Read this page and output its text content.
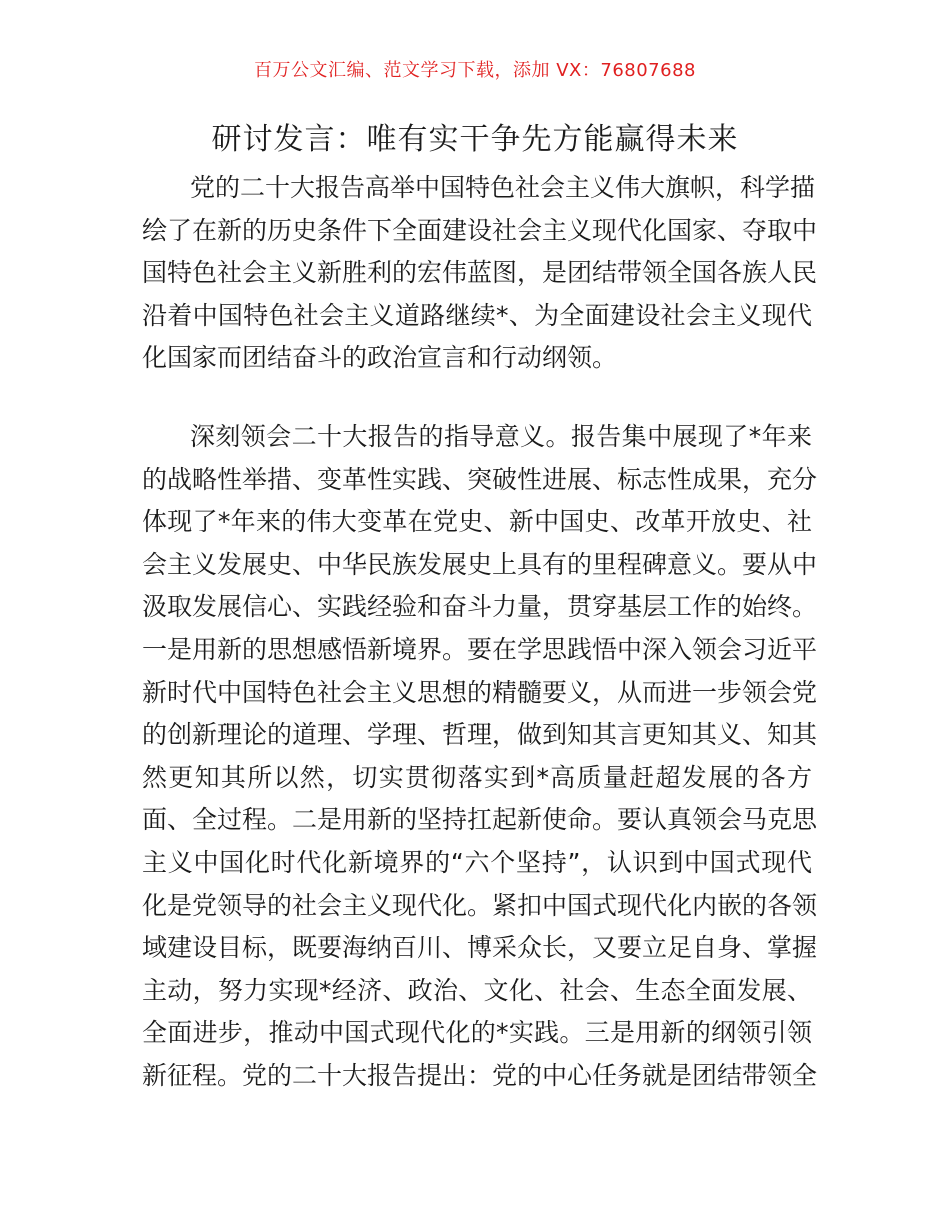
百万公文汇编、范文学习下载，添加 VX：76807688
研讨发言：唯有实干争先方能赢得未来
党的二十大报告高举中国特色社会主义伟大旗帜，科学描
绘了在新的历史条件下全面建设社会主义现代化国家、夺取中
国特色社会主义新胜利的宏伟蓝图，是团结带领全国各族人民
沿着中国特色社会主义道路继续*、为全面建设社会主义现代
化国家而团结奋斗的政治宣言和行动纲领。
深刻领会二十大报告的指导意义。报告集中展现了*年来
的战略性举措、变革性实践、突破性进展、标志性成果，充分
体现了*年来的伟大变革在党史、新中国史、改革开放史、社
会主义发展史、中华民族发展史上具有的里程碑意义。要从中
汲取发展信心、实践经验和奋斗力量，贯穿基层工作的始终。
一是用新的思想感悟新境界。要在学思践悟中深入领会习近平
新时代中国特色社会主义思想的精髓要义，从而进一步领会党
的创新理论的道理、学理、哲理，做到知其言更知其义、知其
然更知其所以然，切实贯彻落实到*高质量赶超发展的各方
面、全过程。二是用新的坚持扛起新使命。要认真领会马克思
主义中国化时代化新境界的“六个坚持”，认识到中国式现代
化是党领导的社会主义现代化。紧扣中国式现代化内嵌的各领
域建设目标，既要海纳百川、博采众长，又要立足自身、掌握
主动，努力实现*经济、政治、文化、社会、生态全面发展、
全面进步，推动中国式现代化的*实践。三是用新的纲领引领
新征程。党的二十大报告提出：党的中心任务就是团结带领全
